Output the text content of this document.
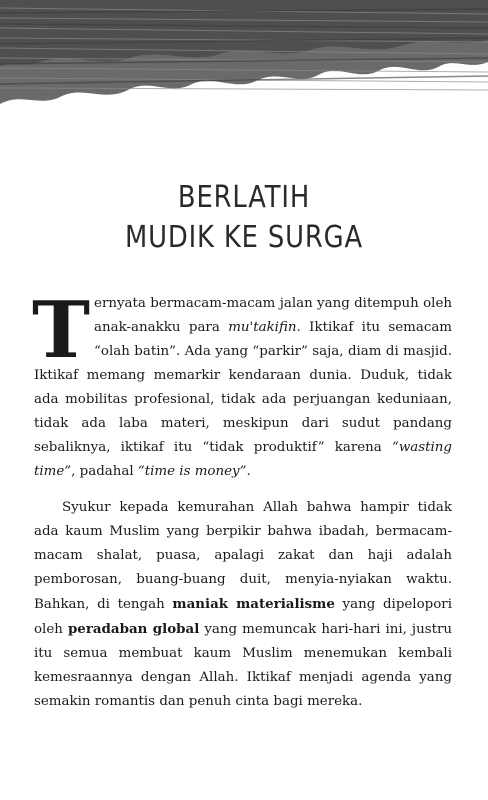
BERLATIH
MUDIK KE SURGA

Ternyata bermacam-macam jalan yang ditempuh oleh anak-anakku para mu'takifin. Iktikaf itu semacam “olah batin”. Ada yang “parkir” saja, diam di masjid. Iktikaf memang memarkir kendaraan dunia. Duduk, tidak ada mobilitas profesional, tidak ada perjuangan keduniaan, tidak ada laba materi, meskipun dari sudut pandang sebaliknya, iktikaf itu “tidak produktif” karena “wasting time”, padahal “time is money”.

Syukur kepada kemurahan Allah bahwa hampir tidak ada kaum Muslim yang berpikir bahwa ibadah, bermacam-macam shalat, puasa, apalagi zakat dan haji adalah pemborosan, buang-buang duit, menyia-nyiakan waktu. Bahkan, di tengah maniak materialisme yang dipelopori oleh peradaban global yang memuncak hari-hari ini, justru itu semua membuat kaum Muslim menemukan kembali kemesraannya dengan Allah. Iktikaf menjadi agenda yang semakin romantis dan penuh cinta bagi mereka.
